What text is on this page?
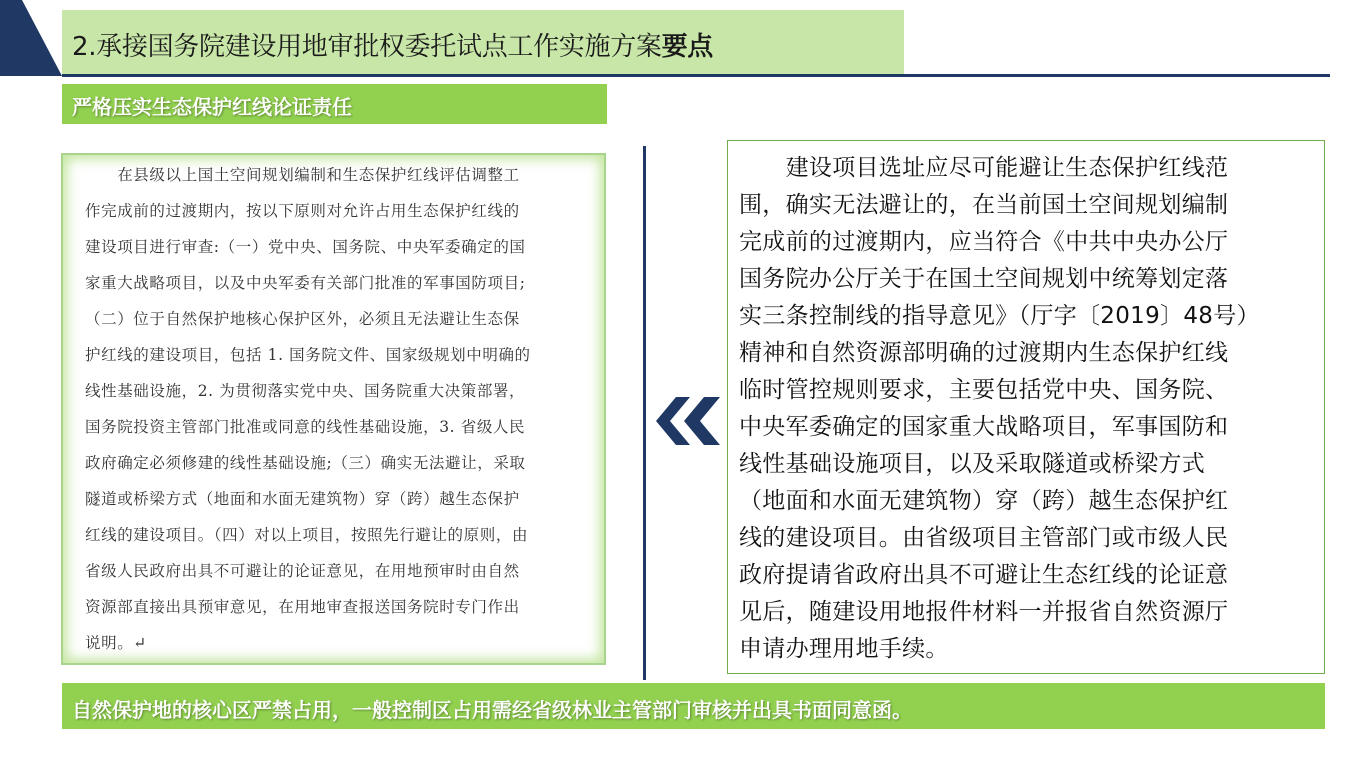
2.承接国务院建设用地审批权委托试点工作实施方案要点
严格压实生态保护红线论证责任
　　在县级以上国土空间规划编制和生态保护红线评估调整工
作完成前的过渡期内，按以下原则对允许占用生态保护红线的
建设项目进行审查:（一）党中央、国务院、中央军委确定的国
家重大战略项目，以及中央军委有关部门批准的军事国防项目;
（二）位于自然保护地核心保护区外，必须且无法避让生态保
护红线的建设项目，包括 1. 国务院文件、国家级规划中明确的
线性基础设施，2. 为贯彻落实党中央、国务院重大决策部署，
国务院投资主管部门批准或同意的线性基础设施，3. 省级人民
政府确定必须修建的线性基础设施;（三）确实无法避让，采取
隧道或桥梁方式（地面和水面无建筑物）穿（跨）越生态保护
红线的建设项目。（四）对以上项目，按照先行避让的原则，由
省级人民政府出具不可避让的论证意见，在用地预审时由自然
资源部直接出具预审意见，在用地审查报送国务院时专门作出
说明。↵
　　建设项目选址应尽可能避让生态保护红线范
围，确实无法避让的，在当前国土空间规划编制
完成前的过渡期内，应当符合《中共中央办公厅
国务院办公厅关于在国土空间规划中统筹划定落
实三条控制线的指导意见》（厅字〔2019〕48号）
精神和自然资源部明确的过渡期内生态保护红线
临时管控规则要求，主要包括党中央、国务院、
中央军委确定的国家重大战略项目，军事国防和
线性基础设施项目，以及采取隧道或桥梁方式
（地面和水面无建筑物）穿（跨）越生态保护红
线的建设项目。由省级项目主管部门或市级人民
政府提请省政府出具不可避让生态红线的论证意
见后，随建设用地报件材料一并报省自然资源厅
申请办理用地手续。
自然保护地的核心区严禁占用，一般控制区占用需经省级林业主管部门审核并出具书面同意函。
